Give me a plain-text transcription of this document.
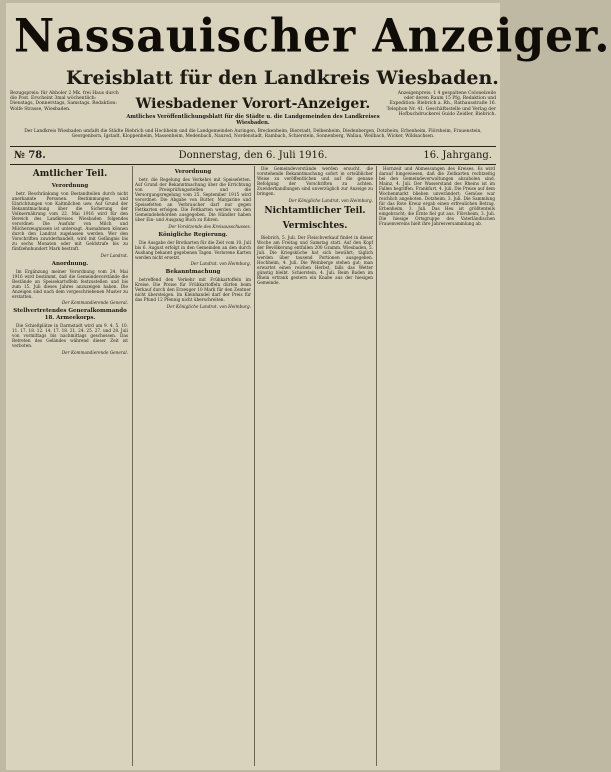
Nassauischer Anzeiger.
Kreisblatt für den Landkreis Wiesbaden.
Bezugspreis: für Abholer 2 Mk. frei Haus durch die Post. Erscheint 3mal wöchentlich: Dienstags, Donnerstags, Samstags. Redaktion: Wolfe Strasse, Wiesbaden.
Anzeigenpreis: 1 4 gespaltene Colonelzeile oder deren Raum 15 Pfg. Redaktion und Expedition: Biebrich a. Rh., Rathausstraße 16. Telephon Nr. 41. Geschäftsstelle und Verlag der Hofbuchdruckerei Guido Zeidler, Biebrich.
Wiesbadener Vorort-Anzeiger.
Amtliches Veröffentlichungsblatt für die Städte u. die Landgemeinden des Landkreises Wiesbaden.
Der Landkreis Wiesbaden umfaßt die Städte Biebrich und Hochheim und die Landgemeinden Auringen, Breckenheim, Bierstadt, Delkenheim, Diedenbergen, Dotzheim, Erbenheim, Flörsheim, Frauenstein, Georgenborn, Igstadt, Kloppenheim, Massenheim, Medenbach, Naurod, Nordenstadt, Rambach, Schierstein, Sonnenberg, Wallau, Weilbach, Wicker, Wildsachsen.
№ 78.	Donnerstag, den 6. Juli 1916.	16. Jahrgang.
Amtlicher Teil.
Verordnung

betr. Beschränkung von Bestandteilen durch nicht anerkannte Personen. Bestimmungen und Einrichtungen von Kaltmilchen usw. Auf Grund der Bekanntmachung über die Sicherung der Volksernährung vom 22. Mai 1916 wird für den Bereich des Landkreises Wiesbaden folgendes verordnet: Die Ausfuhr von Milch und Milcherzeugnissen ist untersagt. Ausnahmen können durch den Landrat zugelassen werden. Wer den Vorschriften zuwiderhandelt, wird mit Gefängnis bis zu sechs Monaten oder mit Geldstrafe bis zu fünfzehnhundert Mark bestraft.

Der Landrat.
Anordnung.

Im Ergänzung meiner Verordnung vom 24. Mai 1916 wird bestimmt, daß die Gemeindevorstände die Bestände an Speisekartoffeln festzustellen und bis zum 15. Juli dieses Jahres anzuzeigen haben. Die Anzeigen sind nach dem vorgeschriebenen Muster zu erstatten.

Der Kommandierende General.
Stellvertretendes Generalkommando 18. Armeekorps.

Die Schießplätze in Darmstadt wird am 9. 4. 5. 10. 11. 17. 18. 12. 14. 17. 18. 21. 24. 25. 27. und 28. Juli von vormittags bis nachmittags geschossen. Das Betreten des Geländes während dieser Zeit ist verboten.

Der Kommandierende General.
Verordnung

betr. die Regelung des Verkehrs mit Speisefetten. Auf Grund der Bekanntmachung über die Errichtung von Preisprüfungsstellen und die Versorgungsregelung vom 25. September 1915 wird verordnet: Die Abgabe von Butter, Margarine und Speisefetten an Verbraucher darf nur gegen Fettkarten erfolgen. Die Fettkarten werden von den Gemeindebehörden ausgegeben. Die Händler haben über Ein- und Ausgang Buch zu führen.

Der Vorsitzende des Kreisausschusses.
Königliche Regierung.

Die Ausgabe der Brotkarten für die Zeit vom 10. Juli bis 6. August erfolgt in den Gemeinden an den durch Aushang bekannt gegebenen Tagen. Verlorene Karten werden nicht ersetzt.

Der Landrat. von Heimburg.
Bekanntmachung

betreffend den Verkehr mit Frühkartoffeln im Kreise. Die Preise für Frühkartoffeln dürfen beim Verkauf durch den Erzeuger 10 Mark für den Zentner nicht übersteigen. Im Kleinhandel darf der Preis für das Pfund 12 Pfennig nicht überschreiten.

Der Königliche Landrat. von Heimburg.

Die Gemeindevorstände werden ersucht, die vorstehende Bekanntmachung sofort in ortsüblicher Weise zu veröffentlichen und auf die genaue Befolgung der Vorschriften zu achten. Zuwiderhandlungen sind unverzüglich zur Anzeige zu bringen.

Der Königliche Landrat. von Heimburg.
Nichtamtlicher Teil.
Vermischtes.

Biebrich, 5. Juli. Der Fleischverkauf findet in dieser Woche am Freitag und Samstag statt. Auf den Kopf der Bevölkerung entfallen 200 Gramm. Wiesbaden, 5. Juli. Die Kriegsküche hat sich bewährt; täglich werden über tausend Portionen ausgegeben. Hochheim, 4. Juli. Die Weinberge stehen gut; man erwartet einen reichen Herbst, falls das Wetter günstig bleibt. Schierstein, 4. Juli. Beim Baden im Rhein ertrank gestern ein Knabe aus der hiesigen Gemeinde.

Hornzeit und Abmessungen des Kreises. Es wird darauf hingewiesen, daß die Zeitkarten rechtzeitig bei den Gemeindeverwaltungen abzuholen sind. Mainz, 4. Juli. Der Wasserstand des Rheins ist im Fallen begriffen. Frankfurt, 4. Juli. Die Preise auf dem Wochenmarkt blieben unverändert; Gemüse war reichlich angeboten. Dotzheim, 3. Juli. Die Sammlung für das Rote Kreuz ergab einen erfreulichen Betrag. Erbenheim, 3. Juli. Das Heu ist größtenteils eingebracht; die Ernte fiel gut aus. Flörsheim, 3. Juli. Die hiesige Ortsgruppe des Vaterländischen Frauenvereins hielt ihre Jahresversammlung ab.
